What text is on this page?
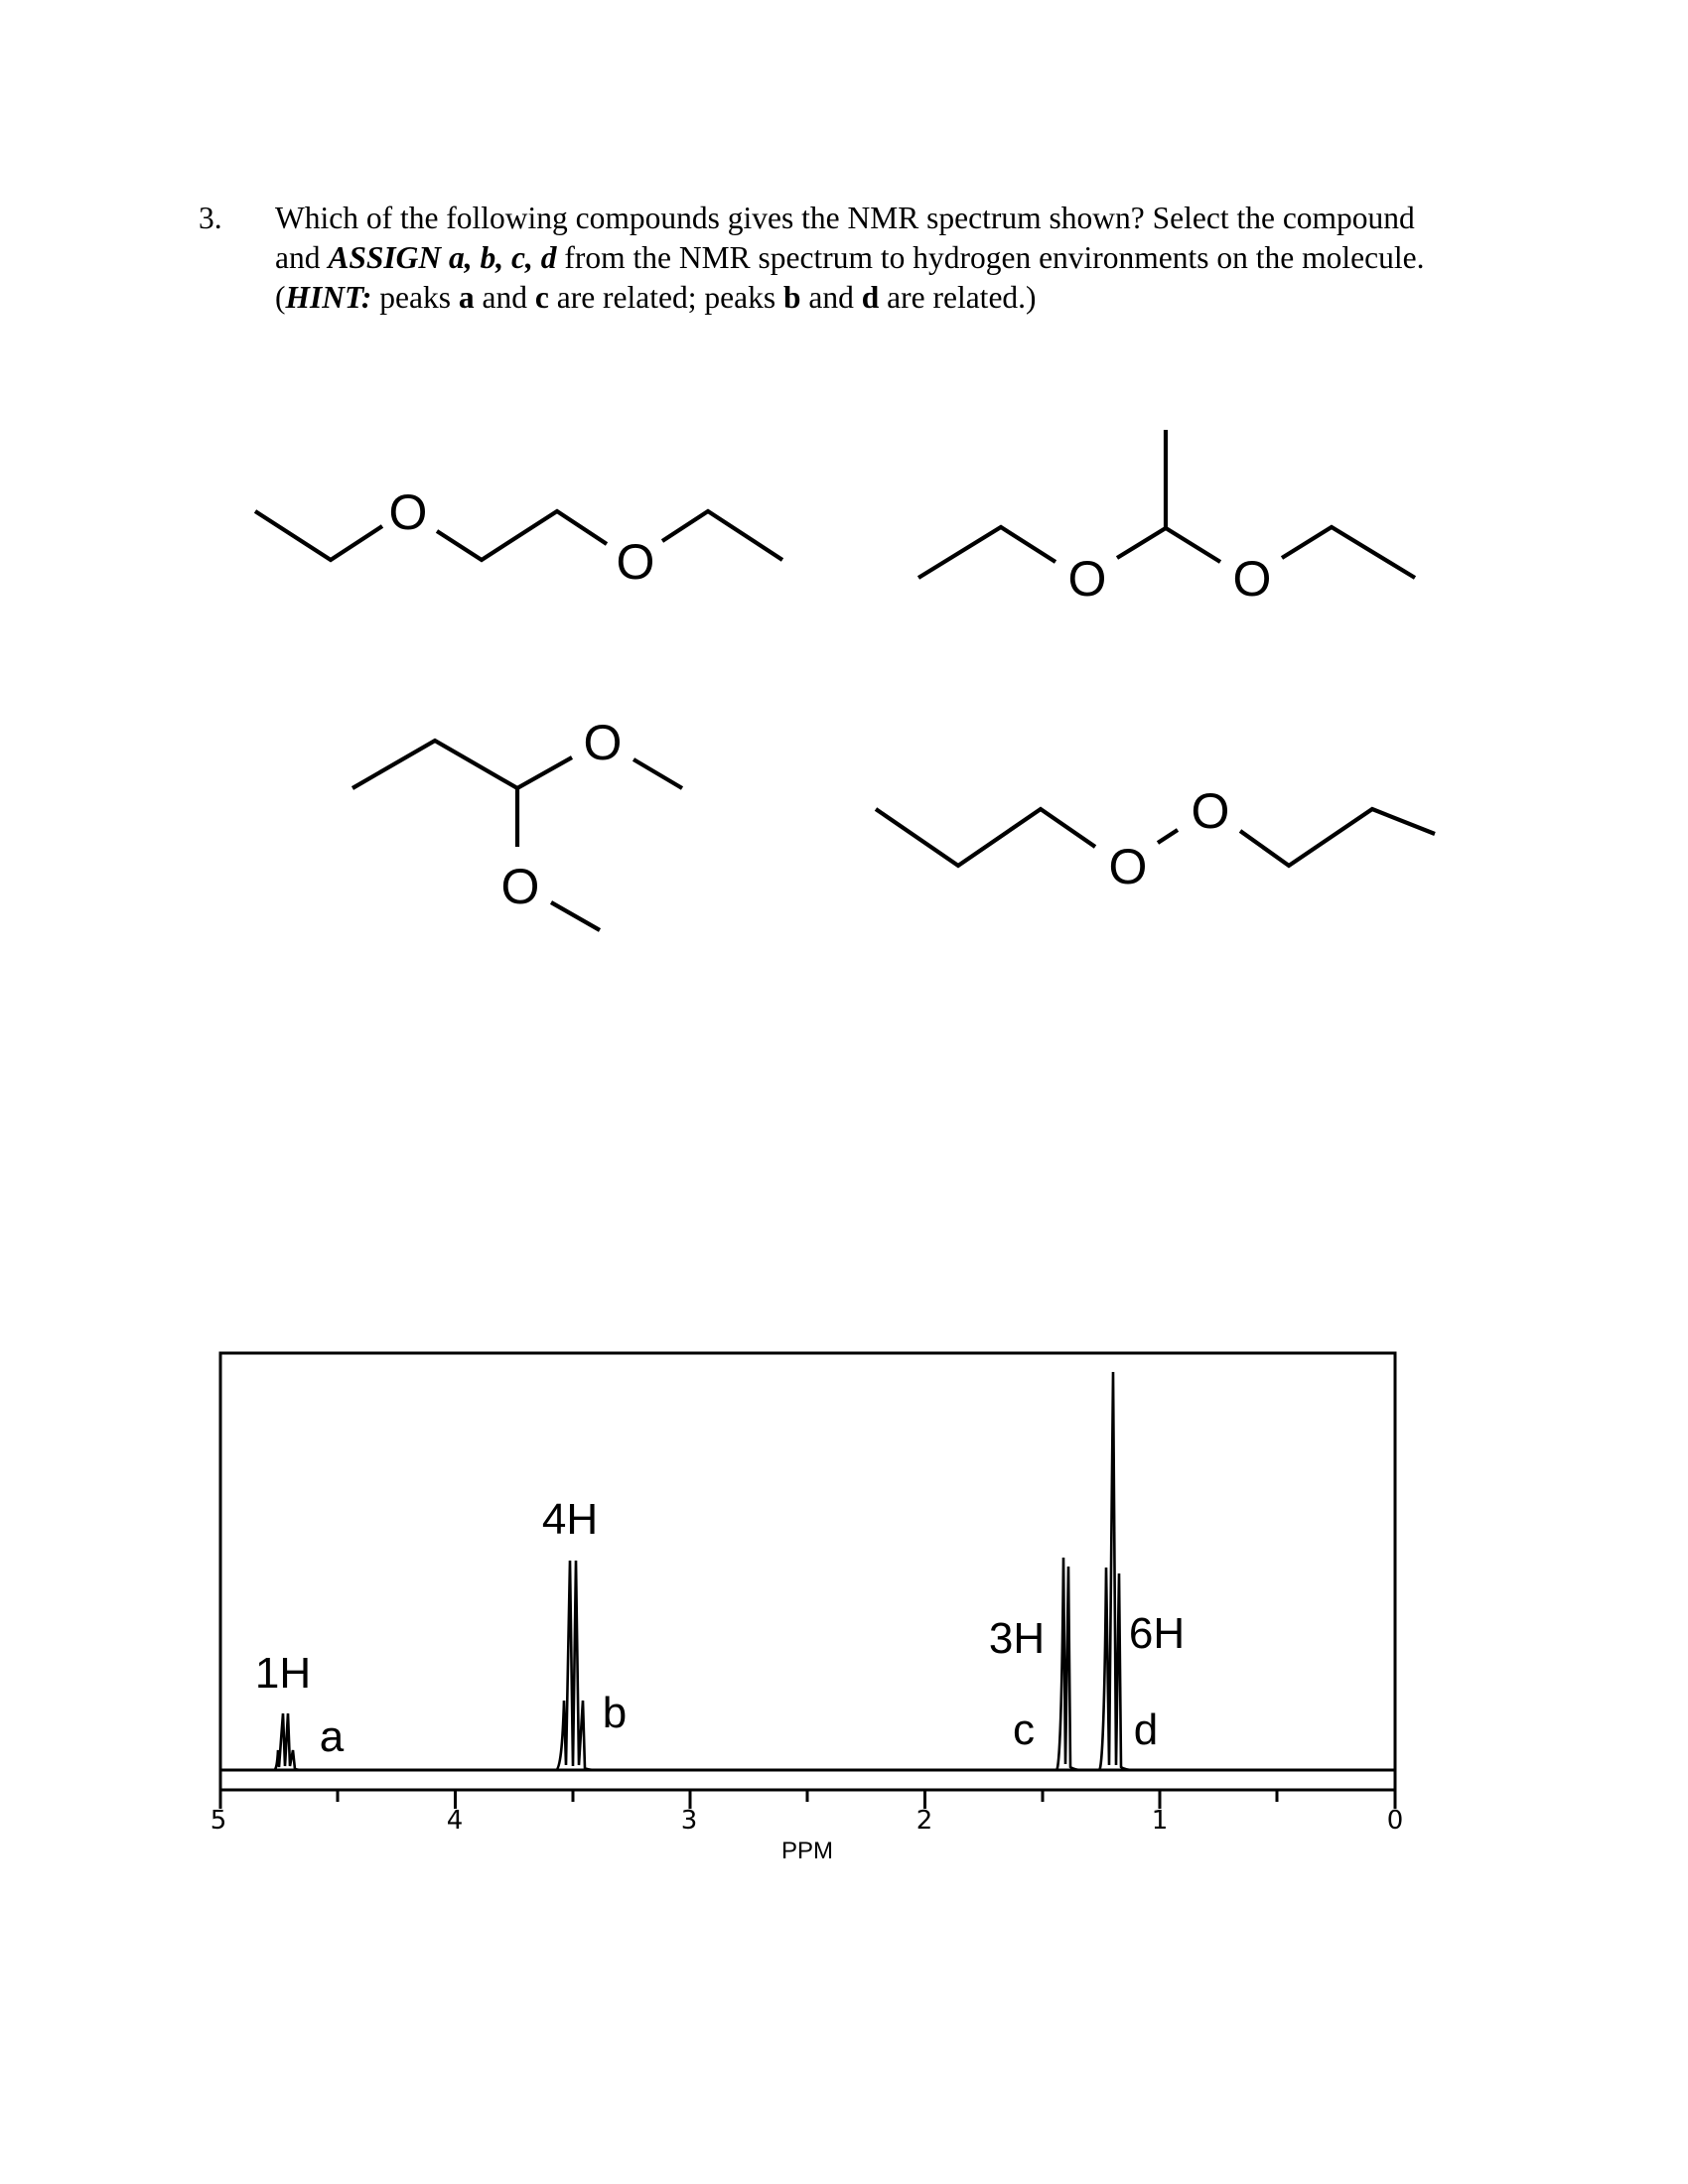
3. Which of the following compounds gives the NMR spectrum shown? Select the compound
and ASSIGN a, b, c, d from the NMR spectrum to hydrogen environments on the molecule.
(HINT: peaks a and c are related; peaks b and d are related.)
O
O	O	O
O
O	O
O
5	4	3	2	1	0
PPM
1H
a
4H
b
3H
c
6H
d
